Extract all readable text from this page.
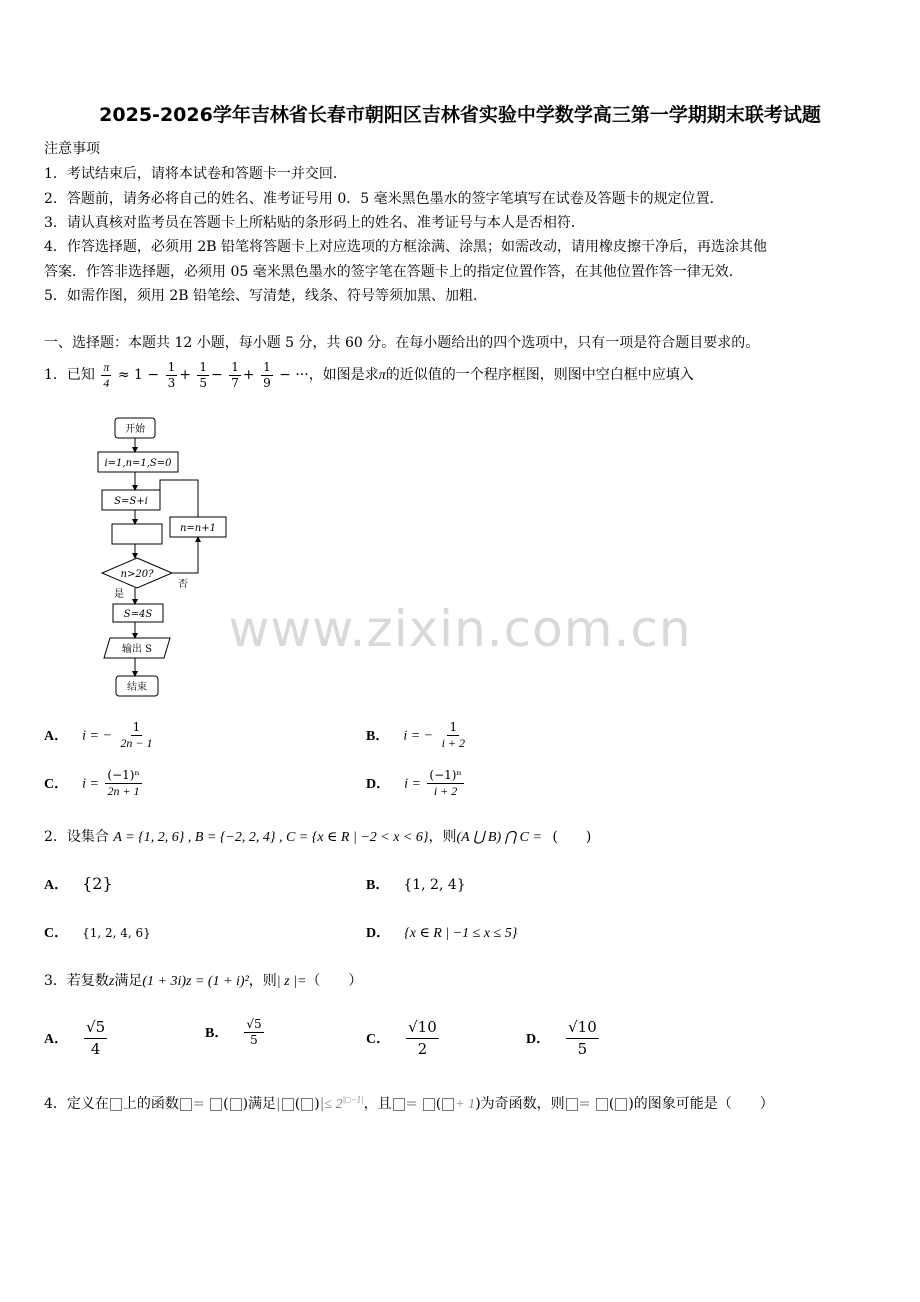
2025-2026学年吉林省长春市朝阳区吉林省实验中学数学高三第一学期期末联考试题
注意事项
1．考试结束后，请将本试卷和答题卡一并交回．
2．答题前，请务必将自己的姓名、准考证号用 0．5 毫米黑色墨水的签字笔填写在试卷及答题卡的规定位置．
3．请认真核对监考员在答题卡上所粘贴的条形码上的姓名、准考证号与本人是否相符．
4．作答选择题，必须用 2B 铅笔将答题卡上对应选项的方框涂满、涂黑；如需改动，请用橡皮擦干净后，再选涂其他
答案．作答非选择题，必须用 05 毫米黑色墨水的签字笔在答题卡上的指定位置作答，在其他位置作答一律无效．
5．如需作图，须用 2B 铅笔绘、写清楚，线条、符号等须加黑、加粗．
一、选择题：本题共 12 小题，每小题 5 分，共 60 分。在每小题给出的四个选项中，只有一项是符合题目要求的。
1．已知 $\frac{\pi}{4} \approx 1 - \frac{1}{3} + \frac{1}{5} - \frac{1}{7} + \frac{1}{9}$ − ···，如图是求π的近似值的一个程序框图，则图中空白框中应填入
开始
i=1,n=1,S=0
S=S+i
n=n+1
n>20?
是
否
S=4S
输出 S
结束
www.zixin.com.cn
A． i = − $\frac{1}{2n - 1}$	B． i = − $\frac{1}{i + 2}$
C． $i = \frac{\text{(−1)ⁿ}}{2n + 1}$	D． $i = \frac{\text{(−1)ⁿ}}{i + 2}$
2．设集合 A = {1, 2, 6} , B = {−2, 2, 4} , C = {x ∈ R | −2 < x < 6}，则(A ⋃ B) ⋂ C = (　　)
A． {2}	B． {1, 2, 4}
C． {1, 2, 4, 6}	D． {x ∈ R | −1 ≤ x ≤ 5}
3．若复数z满足(1 + 3i)z = (1 + i)²，则| z |=（　　）
A． $\frac{√5}{4}$	B． $\frac{√5}{5}$	C． $\frac{√10}{2}$	D． $\frac{√10}{5}$
4．定义在 上的函数 = ( )满足| ( )|≤ $2^{|□-1|}$，且 = ( + 1)为奇函数，则 = ( )的图象可能是（　　）
